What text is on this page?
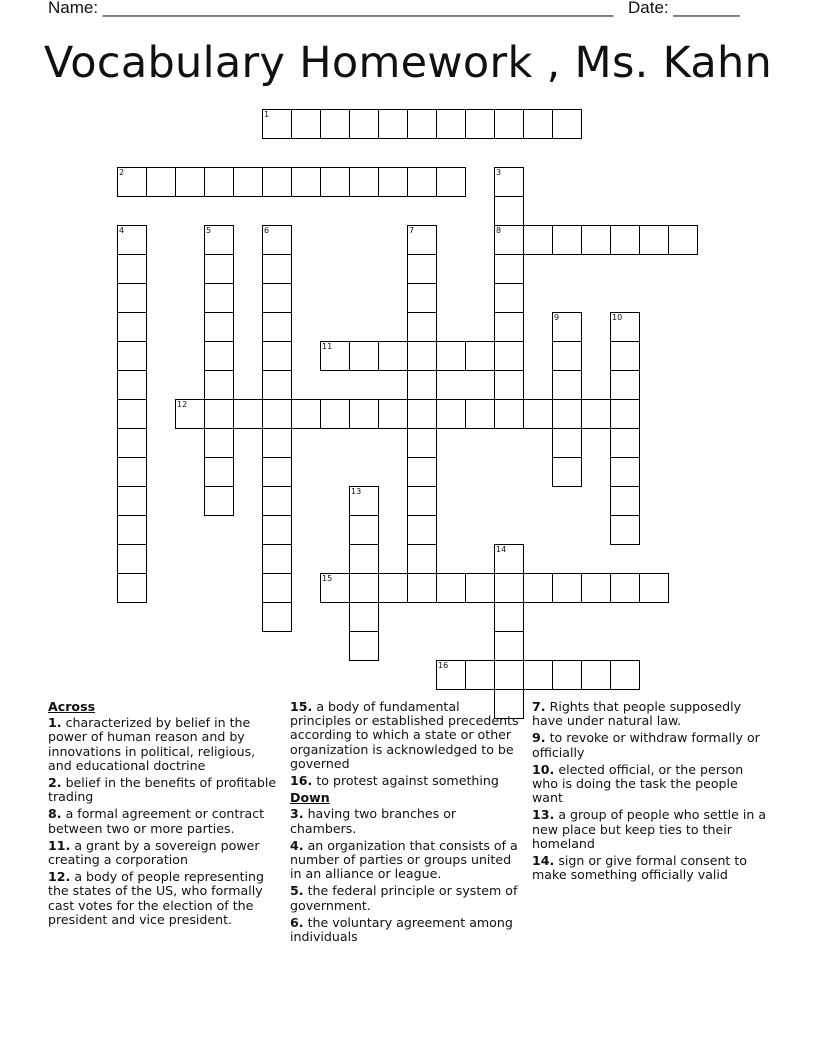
Name: ______________________________________________________ Date: _______
Vocabulary Homework , Ms. Kahn
1
2
8
11
12
15
16
3
4	5	6	7
9	10
13
14
Across
1. characterized by belief in the power of human reason and by innovations in political, religious, and educational doctrine
2. belief in the benefits of profitable trading
8. a formal agreement or contract between two or more parties.
11. a grant by a sovereign power creating a corporation
12. a body of people representing the states of the US, who formally cast votes for the election of the president and vice president.
15. a body of fundamental principles or established precedents according to which a state or other organization is acknowledged to be governed
16. to protest against something
Down
3. having two branches or chambers.
4. an organization that consists of a number of parties or groups united in an alliance or league.
5. the federal principle or system of government.
6. the voluntary agreement among individuals
7. Rights that people supposedly have under natural law.
9. to revoke or withdraw formally or officially
10. elected official, or the person who is doing the task the people want
13. a group of people who settle in a new place but keep ties to their homeland
14. sign or give formal consent to make something officially valid
